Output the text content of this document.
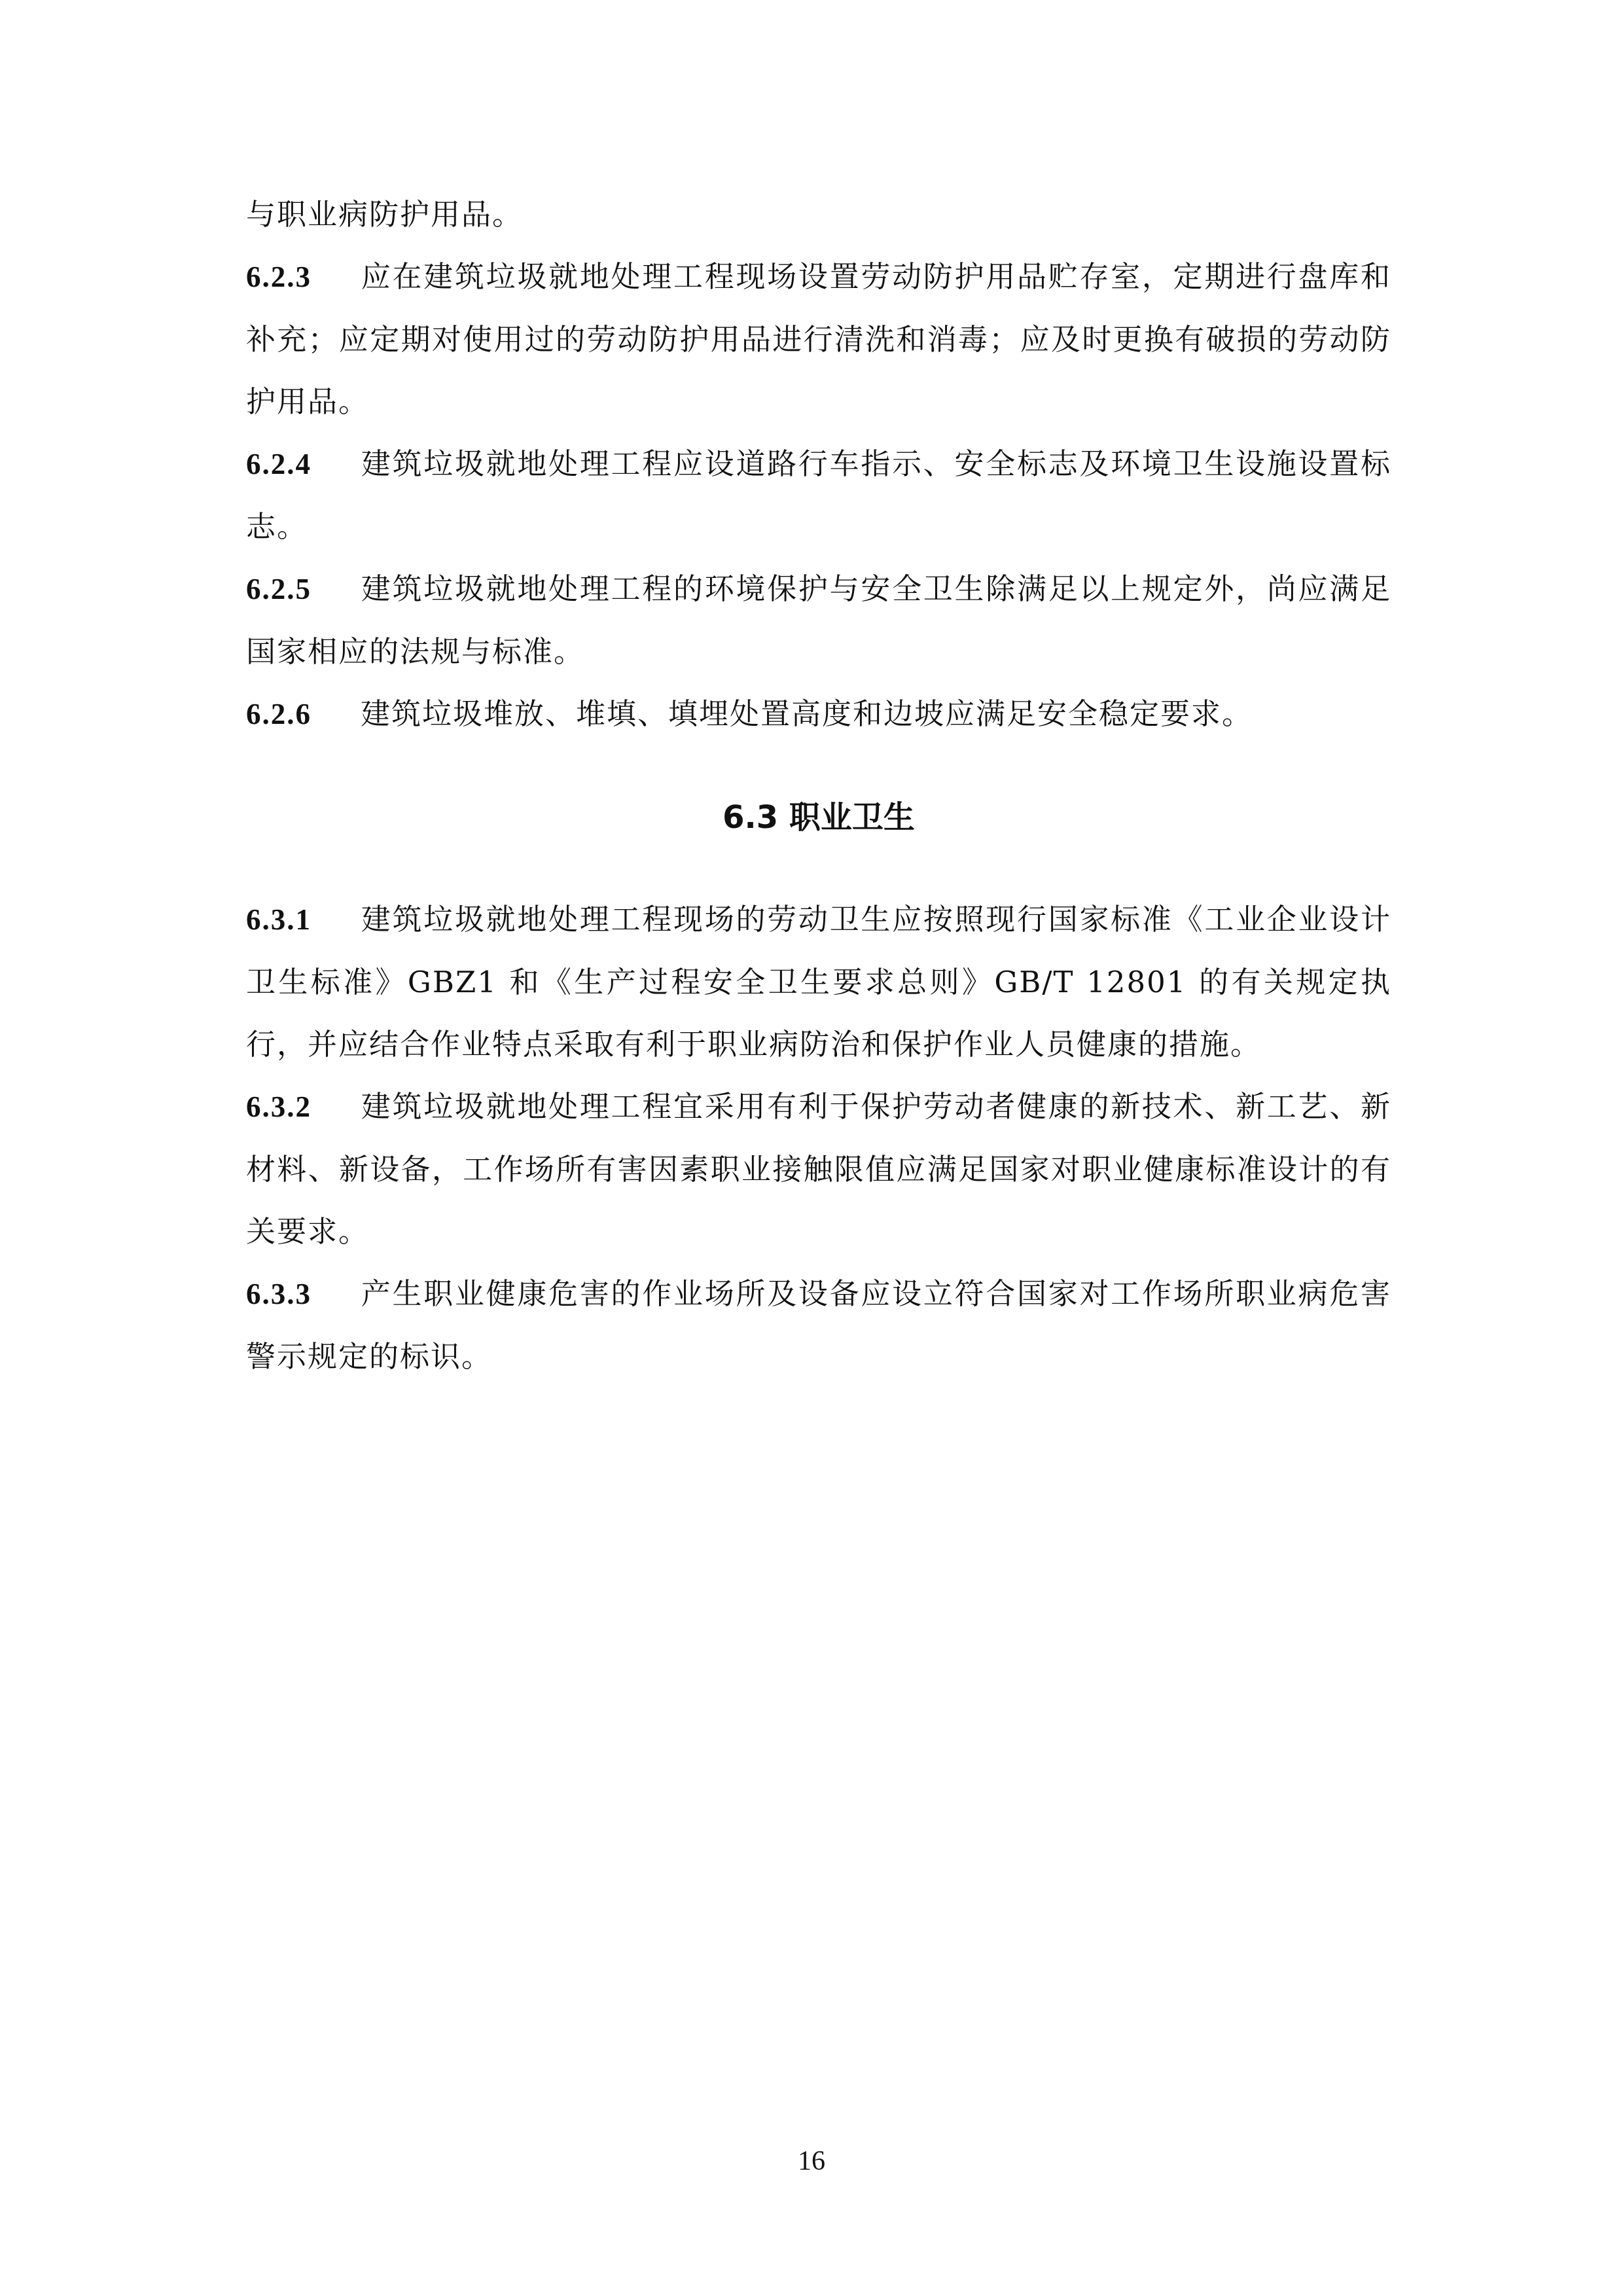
与职业病防护用品。

6.2.3 应在建筑垃圾就地处理工程现场设置劳动防护用品贮存室，定期进行盘库和补充；应定期对使用过的劳动防护用品进行清洗和消毒；应及时更换有破损的劳动防护用品。

6.2.4 建筑垃圾就地处理工程应设道路行车指示、安全标志及环境卫生设施设置标志。

6.2.5 建筑垃圾就地处理工程的环境保护与安全卫生除满足以上规定外，尚应满足国家相应的法规与标准。

6.2.6 建筑垃圾堆放、堆填、填埋处置高度和边坡应满足安全稳定要求。

6.3 职业卫生

6.3.1 建筑垃圾就地处理工程现场的劳动卫生应按照现行国家标准《工业企业设计卫生标准》GBZ1 和《生产过程安全卫生要求总则》GB/T 12801 的有关规定执行，并应结合作业特点采取有利于职业病防治和保护作业人员健康的措施。

6.3.2 建筑垃圾就地处理工程宜采用有利于保护劳动者健康的新技术、新工艺、新材料、新设备，工作场所有害因素职业接触限值应满足国家对职业健康标准设计的有关要求。

6.3.3 产生职业健康危害的作业场所及设备应设立符合国家对工作场所职业病危害警示规定的标识。

16
